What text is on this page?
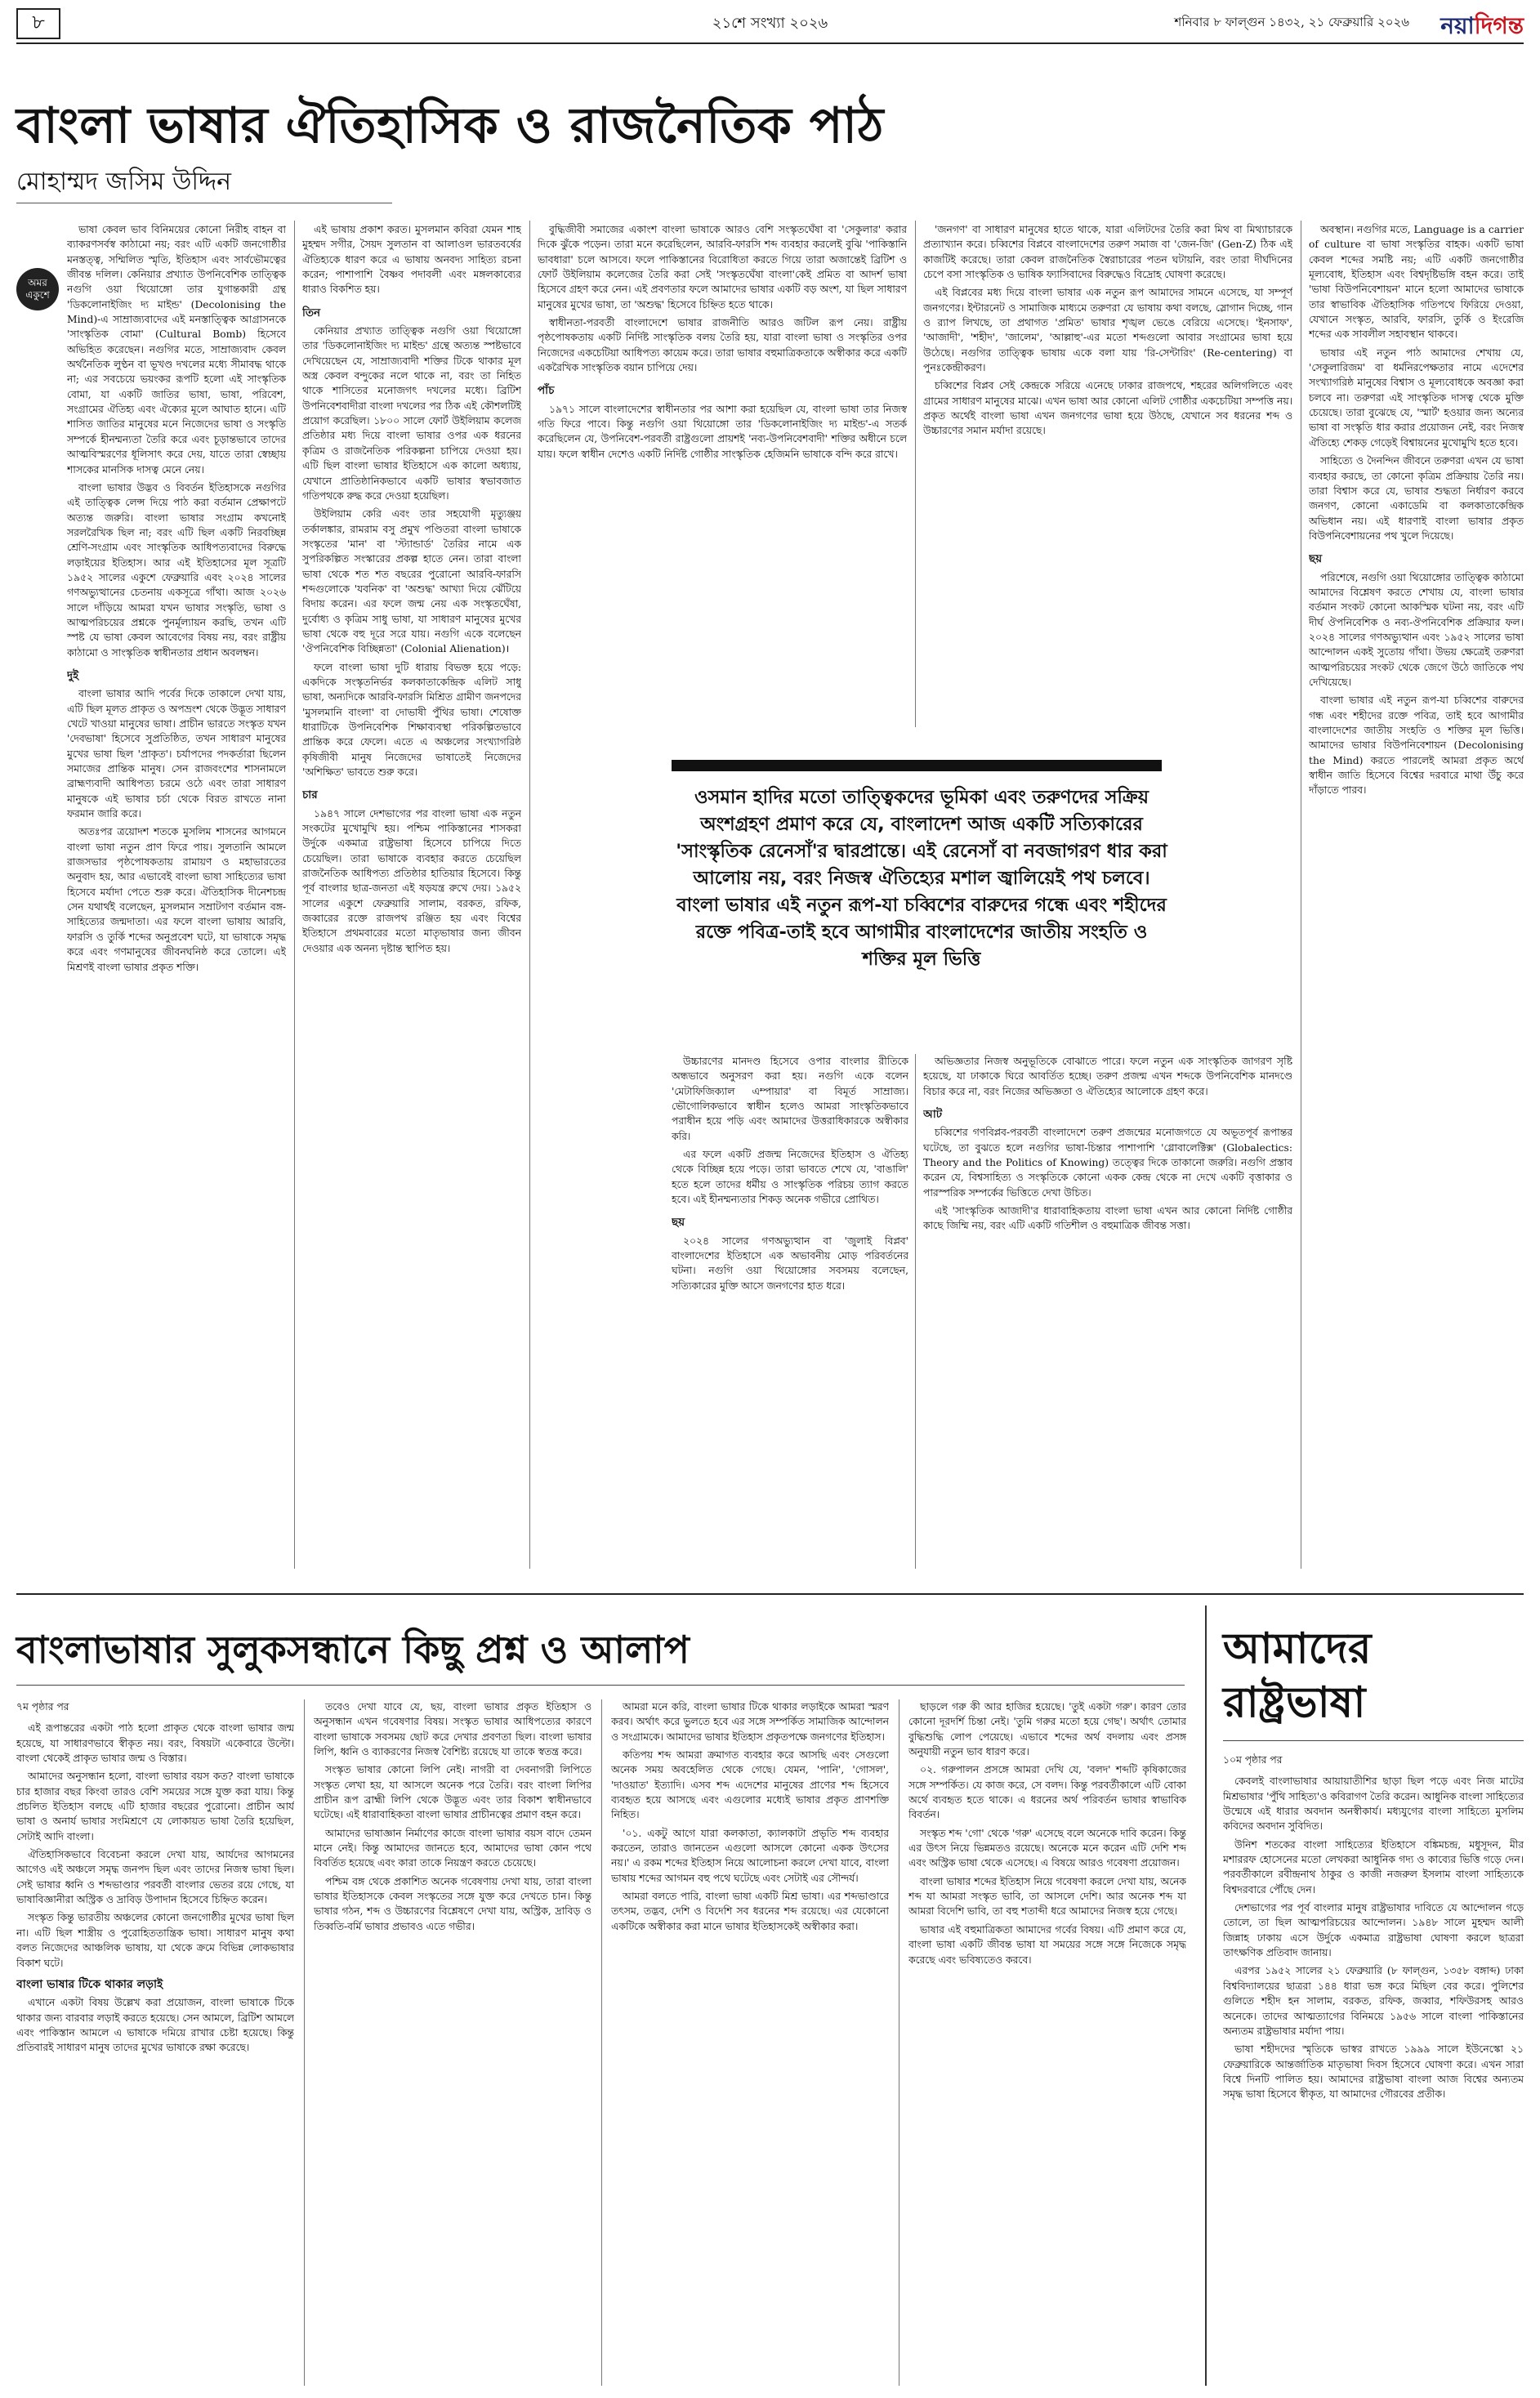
৮	২১শে সংখ্যা ২০২৬	শনিবার ৮ ফাল্গুন ১৪৩২, ২১ ফেব্রুয়ারি ২০২৬ নয়াদিগন্ত
বাংলা ভাষার ঐতিহাসিক ও রাজনৈতিক পাঠ
মোহাম্মদ জসিম উদ্দিন
অমর একুশে

ভাষা কেবল ভাব বিনিময়ের কোনো নিরীহ বাহন বা ব্যাকরণসর্বস্ব কাঠামো নয়; বরং এটি একটি জনগোষ্ঠীর মনস্তত্ত্ব, সম্মিলিত স্মৃতি, ইতিহাস এবং সার্বভৌমত্বের জীবন্ত দলিল। কেনিয়ার প্রখ্যাত উপনিবেশিক তাত্ত্বিক নগুগি ওয়া থিয়োঙ্গো তার যুগান্তকারী গ্রন্থ 'ডিকলোনাইজিং দ্য মাইন্ড' (Decolonising the Mind)-এ সাম্রাজ্যবাদের এই মনস্তাত্ত্বিক আগ্রাসনকে 'সাংস্কৃতিক বোমা' (Cultural Bomb) হিসেবে অভিহিত করেছেন। নগুগির মতে, সাম্রাজ্যবাদ কেবল অর্থনৈতিক লুণ্ঠন বা ভূখণ্ড দখলের মধ্যে সীমাবদ্ধ থাকে না; এর সবচেয়ে ভয়ংকর রূপটি হলো এই সাংস্কৃতিক বোমা, যা একটি জাতির ভাষা, ভাষা, পরিবেশ, সংগ্রামের ঐতিহ্য এবং ঐক্যের মূলে আঘাত হানে। এটি শাসিত জাতির মানুষের মনে নিজেদের ভাষা ও সংস্কৃতি সম্পর্কে হীনম্মন্যতা তৈরি করে এবং চূড়ান্তভাবে তাদের আত্মবিস্মরণের ধূলিসাৎ করে দেয়, যাতে তারা স্বেচ্ছায় শাসকের মানসিক দাসত্ব মেনে নেয়।

বাংলা ভাষার উদ্ভব ও বিবর্তন ইতিহাসকে নগুগির এই তাত্ত্বিক লেন্স দিয়ে পাঠ করা বর্তমান প্রেক্ষাপটে অত্যন্ত জরুরি। বাংলা ভাষার সংগ্রাম কখনোই সরলরৈখিক ছিল না; বরং এটি ছিল একটি নিরবচ্ছিন্ন শ্রেণি-সংগ্রাম এবং সাংস্কৃতিক আধিপত্যবাদের বিরুদ্ধে লড়াইয়ের ইতিহাস। আর এই ইতিহাসের মূল সূত্রটি ১৯৫২ সালের একুশে ফেব্রুয়ারি এবং ২০২৪ সালের গণঅভ্যুত্থানের চেতনায় একসূত্রে গাঁথা। আজ ২০২৬ সালে দাঁড়িয়ে আমরা যখন ভাষার সংস্কৃতি, ভাষা ও আত্মপরিচয়ের প্রশ্নকে পুনর্মূল্যায়ন করছি, তখন এটি স্পষ্ট যে ভাষা কেবল আবেগের বিষয় নয়, বরং রাষ্ট্রীয় কাঠামো ও সাংস্কৃতিক স্বাধীনতার প্রধান অবলম্বন।

দুই

বাংলা ভাষার আদি পর্বের দিকে তাকালে দেখা যায়, এটি ছিল মূলত প্রাকৃত ও অপভ্রংশ থেকে উদ্ভূত সাধারণ খেটে খাওয়া মানুষের ভাষা। প্রাচীন ভারতে সংস্কৃত যখন 'দেবভাষা' হিসেবে সুপ্রতিষ্ঠিত, তখন সাধারণ মানুষের মুখের ভাষা ছিল 'প্রাকৃত'। চর্যাপদের পদকর্তারা ছিলেন সমাজের প্রান্তিক মানুষ। সেন রাজবংশের শাসনামলে ব্রাহ্মণ্যবাদী আধিপত্য চরমে ওঠে এবং তারা সাধারণ মানুষকে এই ভাষার চর্চা থেকে বিরত রাখতে নানা ফরমান জারি করে।

অতঃপর ত্রয়োদশ শতকে মুসলিম শাসনের আগমনে বাংলা ভাষা নতুন প্রাণ ফিরে পায়। সুলতানি আমলে রাজসভার পৃষ্ঠপোষকতায় রামায়ণ ও মহাভারতের অনুবাদ হয়, আর এভাবেই বাংলা ভাষা সাহিত্যের ভাষা হিসেবে মর্যাদা পেতে শুরু করে। ঐতিহাসিক দীনেশচন্দ্র সেন যথার্থই বলেছেন, মুসলমান সম্রাটগণ বর্তমান বঙ্গ-সাহিত্যের জন্মদাতা। এর ফলে বাংলা ভাষায় আরবি, ফারসি ও তুর্কি শব্দের অনুপ্রবেশ ঘটে, যা ভাষাকে সমৃদ্ধ করে এবং গণমানুষের জীবনঘনিষ্ঠ করে তোলে। এই মিশ্রণই বাংলা ভাষার প্রকৃত শক্তি।

এই ভাষায় প্রকাশ করত। মুসলমান কবিরা যেমন শাহ মুহম্মদ সগীর, সৈয়দ সুলতান বা আলাওল ভারতবর্ষের ঐতিহ্যকে ধারণ করে এ ভাষায় অনবদ্য সাহিত্য রচনা করেন; পাশাপাশি বৈষ্ণব পদাবলী এবং মঙ্গলকাব্যের ধারাও বিকশিত হয়।

তিন

কেনিয়ার প্রখ্যাত তাত্ত্বিক নগুগি ওয়া থিয়োঙ্গো তার 'ডিকলোনাইজিং দ্য মাইন্ড' গ্রন্থে অত্যন্ত স্পষ্টভাবে দেখিয়েছেন যে, সাম্রাজ্যবাদী শক্তির টিকে থাকার মূল অস্ত্র কেবল বন্দুকের নলে থাকে না, বরং তা নিহিত থাকে শাসিতের মনোজগৎ দখলের মধ্যে। ব্রিটিশ উপনিবেশবাদীরা বাংলা দখলের পর ঠিক এই কৌশলটিই প্রয়োগ করেছিল। ১৮০০ সালে ফোর্ট উইলিয়াম কলেজ প্রতিষ্ঠার মধ্য দিয়ে বাংলা ভাষার ওপর এক ধরনের কৃত্রিম ও রাজনৈতিক পরিকল্পনা চাপিয়ে দেওয়া হয়। এটি ছিল বাংলা ভাষার ইতিহাসে এক কালো অধ্যায়, যেখানে প্রাতিষ্ঠানিকভাবে একটি ভাষার স্বভাবজাত গতিপথকে রুদ্ধ করে দেওয়া হয়েছিল।

উইলিয়াম কেরি এবং তার সহযোগী মৃত্যুঞ্জয় তর্কালঙ্কার, রামরাম বসু প্রমুখ পণ্ডিতরা বাংলা ভাষাকে সংস্কৃতের 'মান' বা 'স্ট্যান্ডার্ড' তৈরির নামে এক সুপরিকল্পিত সংস্কারের প্রকল্প হাতে নেন। তারা বাংলা ভাষা থেকে শত শত বছরের পুরোনো আরবি-ফারসি শব্দগুলোকে 'যবনিক' বা 'অশুদ্ধ' আখ্যা দিয়ে ঝেঁটিয়ে বিদায় করেন। এর ফলে জন্ম নেয় এক সংস্কৃতঘেঁষা, দুর্বোধ্য ও কৃত্রিম সাধু ভাষা, যা সাধারণ মানুষের মুখের ভাষা থেকে বহু দূরে সরে যায়। নগুগি একে বলেছেন 'ঔপনিবেশিক বিচ্ছিন্নতা' (Colonial Alienation)।

ফলে বাংলা ভাষা দুটি ধারায় বিভক্ত হয়ে পড়ে: একদিকে সংস্কৃতনির্ভর কলকাতাকেন্দ্রিক এলিট সাধু ভাষা, অন্যদিকে আরবি-ফারসি মিশ্রিত গ্রামীণ জনপদের 'মুসলমানি বাংলা' বা দোভাষী পুঁথির ভাষা। শেষোক্ত ধারাটিকে উপনিবেশিক শিক্ষাব্যবস্থা পরিকল্পিতভাবে প্রান্তিক করে ফেলে। এতে এ অঞ্চলের সংখ্যাগরিষ্ঠ কৃষিজীবী মানুষ নিজেদের ভাষাতেই নিজেদের 'অশিক্ষিত' ভাবতে শুরু করে।

চার

১৯৪৭ সালে দেশভাগের পর বাংলা ভাষা এক নতুন সংকটের মুখোমুখি হয়। পশ্চিম পাকিস্তানের শাসকরা উর্দুকে একমাত্র রাষ্ট্রভাষা হিসেবে চাপিয়ে দিতে চেয়েছিল। তারা ভাষাকে ব্যবহার করতে চেয়েছিল রাজনৈতিক আধিপত্য প্রতিষ্ঠার হাতিয়ার হিসেবে। কিন্তু পূর্ব বাংলার ছাত্র-জনতা এই ষড়যন্ত্র রুখে দেয়। ১৯৫২ সালের একুশে ফেব্রুয়ারি সালাম, বরকত, রফিক, জব্বারের রক্তে রাজপথ রঞ্জিত হয় এবং বিশ্বের ইতিহাসে প্রথমবারের মতো মাতৃভাষার জন্য জীবন দেওয়ার এক অনন্য দৃষ্টান্ত স্থাপিত হয়।

বুদ্ধিজীবী সমাজের একাংশ বাংলা ভাষাকে আরও বেশি সংস্কৃতঘেঁষা বা 'সেকুলার' করার দিকে ঝুঁকে পড়েন। তারা মনে করেছিলেন, আরবি-ফারসি শব্দ ব্যবহার করলেই বুঝি 'পাকিস্তানি ভাবধারা' চলে আসবে। ফলে পাকিস্তানের বিরোধিতা করতে গিয়ে তারা অজান্তেই ব্রিটিশ ও ফোর্ট উইলিয়াম কলেজের তৈরি করা সেই 'সংস্কৃতঘেঁষা বাংলা'কেই প্রমিত বা আদর্শ ভাষা হিসেবে গ্রহণ করে নেন। এই প্রবণতার ফলে আমাদের ভাষার একটি বড় অংশ, যা ছিল সাধারণ মানুষের মুখের ভাষা, তা 'অশুদ্ধ' হিসেবে চিহ্নিত হতে থাকে।

স্বাধীনতা-পরবর্তী বাংলাদেশে ভাষার রাজনীতি আরও জটিল রূপ নেয়। রাষ্ট্রীয় পৃষ্ঠপোষকতায় একটি নির্দিষ্ট সাংস্কৃতিক বলয় তৈরি হয়, যারা বাংলা ভাষা ও সংস্কৃতির ওপর নিজেদের একচেটিয়া আধিপত্য কায়েম করে। তারা ভাষার বহুমাত্রিকতাকে অস্বীকার করে একটি একরৈখিক সাংস্কৃতিক বয়ান চাপিয়ে দেয়।

পাঁচ

১৯৭১ সালে বাংলাদেশের স্বাধীনতার পর আশা করা হয়েছিল যে, বাংলা ভাষা তার নিজস্ব গতি ফিরে পাবে। কিন্তু নগুগি ওয়া থিয়োঙ্গো তার 'ডিকলোনাইজিং দ্য মাইন্ড'-এ সতর্ক করেছিলেন যে, উপনিবেশ-পরবর্তী রাষ্ট্রগুলো প্রায়শই 'নব্য-উপনিবেশবাদী' শক্তির অধীনে চলে যায়। ফলে স্বাধীন দেশেও একটি নির্দিষ্ট গোষ্ঠীর সাংস্কৃতিক হেজিমনি ভাষাকে বন্দি করে রাখে।

'জনগণ' বা সাধারণ মানুষের হাতে থাকে, যারা এলিটদের তৈরি করা মিথ বা মিথ্যাচারকে প্রত্যাখ্যান করে। চব্বিশের বিপ্লবে বাংলাদেশের তরুণ সমাজ বা 'জেন-জি' (Gen-Z) ঠিক এই কাজটিই করেছে। তারা কেবল রাজনৈতিক স্বৈরাচারের পতন ঘটায়নি, বরং তারা দীর্ঘদিনের চেপে বসা সাংস্কৃতিক ও ভাষিক ফ্যাসিবাদের বিরুদ্ধেও বিদ্রোহ ঘোষণা করেছে।

এই বিপ্লবের মধ্য দিয়ে বাংলা ভাষার এক নতুন রূপ আমাদের সামনে এসেছে, যা সম্পূর্ণ জনগণের। ইন্টারনেট ও সামাজিক মাধ্যমে তরুণরা যে ভাষায় কথা বলছে, স্লোগান দিচ্ছে, গান ও র‍্যাপ লিখছে, তা প্রথাগত 'প্রমিত' ভাষার শৃঙ্খল ভেঙে বেরিয়ে এসেছে। 'ইনসাফ', 'আজাদী', 'শহীদ', 'জালেম', 'আল্লাহু'-এর মতো শব্দগুলো আবার সংগ্রামের ভাষা হয়ে উঠেছে। নগুগির তাত্ত্বিক ভাষায় একে বলা যায় 'রি-সেন্টারিং' (Re-centering) বা পুনঃকেন্দ্রীকরণ।

চব্বিশের বিপ্লব সেই কেন্দ্রকে সরিয়ে এনেছে ঢাকার রাজপথে, শহরের অলিগলিতে এবং গ্রামের সাধারণ মানুষের মাঝে। এখন ভাষা আর কোনো এলিট গোষ্ঠীর একচেটিয়া সম্পত্তি নয়। প্রকৃত অর্থেই বাংলা ভাষা এখন জনগণের ভাষা হয়ে উঠছে, যেখানে সব ধরনের শব্দ ও উচ্চারণের সমান মর্যাদা রয়েছে।

ওসমান হাদির মতো তাত্ত্বিকদের ভূমিকা এবং তরুণদের সক্রিয় অংশগ্রহণ প্রমাণ করে যে, বাংলাদেশ আজ একটি সত্যিকারের 'সাংস্কৃতিক রেনেসাঁ'র দ্বারপ্রান্তে। এই রেনেসাঁ বা নবজাগরণ ধার করা আলোয় নয়, বরং নিজস্ব ঐতিহ্যের মশাল জ্বালিয়েই পথ চলবে। বাংলা ভাষার এই নতুন রূপ-যা চব্বিশের বারুদের গন্ধে এবং শহীদের রক্তে পবিত্র-তাই হবে আগামীর বাংলাদেশের জাতীয় সংহতি ও শক্তির মূল ভিত্তি

উচ্চারণের মানদণ্ড হিসেবে ওপার বাংলার রীতিকে অন্ধভাবে অনুসরণ করা হয়। নগুগি একে বলেন 'মেটাফিজিক্যাল এম্পায়ার' বা বিমূর্ত সাম্রাজ্য। ভৌগোলিকভাবে স্বাধীন হলেও আমরা সাংস্কৃতিকভাবে পরাধীন হয়ে পড়ি এবং আমাদের উত্তরাধিকারকে অস্বীকার করি।

এর ফলে একটি প্রজন্ম নিজেদের ইতিহাস ও ঐতিহ্য থেকে বিচ্ছিন্ন হয়ে পড়ে। তারা ভাবতে শেখে যে, 'বাঙালি' হতে হলে তাদের ধর্মীয় ও সাংস্কৃতিক পরিচয় ত্যাগ করতে হবে। এই হীনম্মন্যতার শিকড় অনেক গভীরে প্রোথিত।

ছয়

২০২৪ সালের গণঅভ্যুত্থান বা 'জুলাই বিপ্লব' বাংলাদেশের ইতিহাসে এক অভাবনীয় মোড় পরিবর্তনের ঘটনা। নগুগি ওয়া থিয়োঙ্গোর সবসময় বলেছেন, সত্যিকারের মুক্তি আসে জনগণের হাত ধরে।

অভিজ্ঞতার নিজস্ব অনুভূতিকে বোঝাতে পারে। ফলে নতুন এক সাংস্কৃতিক জাগরণ সৃষ্টি হয়েছে, যা ঢাকাকে ঘিরে আবর্তিত হচ্ছে। তরুণ প্রজন্ম এখন শব্দকে উপনিবেশিক মানদণ্ডে বিচার করে না, বরং নিজের অভিজ্ঞতা ও ঐতিহ্যের আলোকে গ্রহণ করে।

আট

চব্বিশের গণবিপ্লব-পরবর্তী বাংলাদেশে তরুণ প্রজন্মের মনোজগতে যে অভূতপূর্ব রূপান্তর ঘটেছে, তা বুঝতে হলে নগুগির ভাষা-চিন্তার পাশাপাশি 'গ্লোবালেক্টিক্স' (Globalectics: Theory and the Politics of Knowing) তত্ত্বের দিকে তাকানো জরুরি। নগুগি প্রস্তাব করেন যে, বিশ্বসাহিত্য ও সংস্কৃতিকে কোনো একক কেন্দ্র থেকে না দেখে একটি বৃত্তাকার ও পারস্পরিক সম্পর্কের ভিত্তিতে দেখা উচিত।

এই 'সাংস্কৃতিক আজাদী'র ধারাবাহিকতায় বাংলা ভাষা এখন আর কোনো নির্দিষ্ট গোষ্ঠীর কাছে জিম্মি নয়, বরং এটি একটি গতিশীল ও বহুমাত্রিক জীবন্ত সত্তা।

অবস্থান। নগুগির মতে, Language is a carrier of culture বা ভাষা সংস্কৃতির বাহক। একটি ভাষা কেবল শব্দের সমষ্টি নয়; এটি একটি জনগোষ্ঠীর মূল্যবোধ, ইতিহাস এবং বিশ্বদৃষ্টিভঙ্গি বহন করে। তাই 'ভাষা বিউপনিবেশায়ন' মানে হলো আমাদের ভাষাকে তার স্বাভাবিক ঐতিহাসিক গতিপথে ফিরিয়ে দেওয়া, যেখানে সংস্কৃত, আরবি, ফারসি, তুর্কি ও ইংরেজি শব্দের এক সাবলীল সহাবস্থান থাকবে।

ভাষার এই নতুন পাঠ আমাদের শেখায় যে, 'সেকুলারিজম' বা ধর্মনিরপেক্ষতার নামে এদেশের সংখ্যাগরিষ্ঠ মানুষের বিশ্বাস ও মূল্যবোধকে অবজ্ঞা করা চলবে না। তরুণরা এই সাংস্কৃতিক দাসত্ব থেকে মুক্তি চেয়েছে। তারা বুঝেছে যে, 'স্মার্ট' হওয়ার জন্য অন্যের ভাষা বা সংস্কৃতি ধার করার প্রয়োজন নেই, বরং নিজস্ব ঐতিহ্যে শেকড় গেড়েই বিশ্বায়নের মুখোমুখি হতে হবে।

সাহিত্যে ও দৈনন্দিন জীবনে তরুণরা এখন যে ভাষা ব্যবহার করছে, তা কোনো কৃত্রিম প্রক্রিয়ায় তৈরি নয়। তারা বিশ্বাস করে যে, ভাষার শুদ্ধতা নির্ধারণ করবে জনগণ, কোনো একাডেমি বা কলকাতাকেন্দ্রিক অভিধান নয়। এই ধারণাই বাংলা ভাষার প্রকৃত বিউপনিবেশায়নের পথ খুলে দিয়েছে।

ছয়

পরিশেষে, নগুগি ওয়া থিয়োঙ্গোর তাত্ত্বিক কাঠামো আমাদের বিশ্লেষণ করতে শেখায় যে, বাংলা ভাষার বর্তমান সংকট কোনো আকস্মিক ঘটনা নয়, বরং এটি দীর্ঘ ঔপনিবেশিক ও নব্য-ঔপনিবেশিক প্রক্রিয়ার ফল। ২০২৪ সালের গণঅভ্যুত্থান এবং ১৯৫২ সালের ভাষা আন্দোলন একই সুতোয় গাঁথা। উভয় ক্ষেত্রেই তরুণরা আত্মপরিচয়ের সংকট থেকে জেগে উঠে জাতিকে পথ দেখিয়েছে।

বাংলা ভাষার এই নতুন রূপ-যা চব্বিশের বারুদের গন্ধ এবং শহীদের রক্তে পবিত্র, তাই হবে আগামীর বাংলাদেশের জাতীয় সংহতি ও শক্তির মূল ভিত্তি। আমাদের ভাষার বিউপনিবেশায়ন (Decolonising the Mind) করতে পারলেই আমরা প্রকৃত অর্থে স্বাধীন জাতি হিসেবে বিশ্বের দরবারে মাথা উঁচু করে দাঁড়াতে পারব।

বাংলাভাষার সুলুকসন্ধানে কিছু প্রশ্ন ও আলাপ
৭ম পৃষ্ঠার পর

এই রূপান্তরের একটা পাঠ হলো প্রাকৃত থেকে বাংলা ভাষার জন্ম হয়েছে, যা সাধারণভাবে স্বীকৃত নয়। বরং, বিষয়টা একেবারে উল্টো। বাংলা থেকেই প্রাকৃত ভাষার জন্ম ও বিস্তার।

আমাদের অনুসন্ধান হলো, বাংলা ভাষার বয়স কত? বাংলা ভাষাকে চার হাজার বছর কিংবা তারও বেশি সময়ের সঙ্গে যুক্ত করা যায়। কিন্তু প্রচলিত ইতিহাস বলছে এটি হাজার বছরের পুরোনো। প্রাচীন আর্য ভাষা ও অনার্য ভাষার সংমিশ্রণে যে লোকায়ত ভাষা তৈরি হয়েছিল, সেটাই আদি বাংলা।

ঐতিহাসিকভাবে বিবেচনা করলে দেখা যায়, আর্যদের আগমনের আগেও এই অঞ্চলে সমৃদ্ধ জনপদ ছিল এবং তাদের নিজস্ব ভাষা ছিল। সেই ভাষার ধ্বনি ও শব্দভাণ্ডার পরবর্তী বাংলার ভেতর রয়ে গেছে, যা ভাষাবিজ্ঞানীরা অস্ট্রিক ও দ্রাবিড় উপাদান হিসেবে চিহ্নিত করেন।

সংস্কৃত কিন্তু ভারতীয় অঞ্চলের কোনো জনগোষ্ঠীর মুখের ভাষা ছিল না। এটি ছিল শাস্ত্রীয় ও পুরোহিততান্ত্রিক ভাষা। সাধারণ মানুষ কথা বলত নিজেদের আঞ্চলিক ভাষায়, যা থেকে ক্রমে বিভিন্ন লোকভাষার বিকাশ ঘটে।

বাংলা ভাষার টিকে থাকার লড়াই

এখানে একটা বিষয় উল্লেখ করা প্রয়োজন, বাংলা ভাষাকে টিকে থাকার জন্য বারবার লড়াই করতে হয়েছে। সেন আমলে, ব্রিটিশ আমলে এবং পাকিস্তান আমলে এ ভাষাকে দমিয়ে রাখার চেষ্টা হয়েছে। কিন্তু প্রতিবারই সাধারণ মানুষ তাদের মুখের ভাষাকে রক্ষা করেছে।

তবেও দেখা যাবে যে, ছয়, বাংলা ভাষার প্রকৃত ইতিহাস ও অনুসন্ধান এখন গবেষণার বিষয়। সংস্কৃত ভাষার আধিপত্যের কারণে বাংলা ভাষাকে সবসময় ছোট করে দেখার প্রবণতা ছিল। বাংলা ভাষার লিপি, ধ্বনি ও ব্যাকরণের নিজস্ব বৈশিষ্ট্য রয়েছে যা তাকে স্বতন্ত্র করে।

সংস্কৃত ভাষার কোনো লিপি নেই। নাগরী বা দেবনাগরী লিপিতে সংস্কৃত লেখা হয়, যা আসলে অনেক পরে তৈরি। বরং বাংলা লিপির প্রাচীন রূপ ব্রাহ্মী লিপি থেকে উদ্ভূত এবং তার বিকাশ স্বাধীনভাবে ঘটেছে। এই ধারাবাহিকতা বাংলা ভাষার প্রাচীনত্বের প্রমাণ বহন করে।

আমাদের ভাষাজ্ঞান নির্মাণের কাজে বাংলা ভাষার বয়স বাদে তেমন মানে নেই। কিন্তু আমাদের জানতে হবে, আমাদের ভাষা কোন পথে বিবর্তিত হয়েছে এবং কারা তাকে নিয়ন্ত্রণ করতে চেয়েছে।

পশ্চিম বঙ্গ থেকে প্রকাশিত অনেক গবেষণায় দেখা যায়, তারা বাংলা ভাষার ইতিহাসকে কেবল সংস্কৃতের সঙ্গে যুক্ত করে দেখতে চান। কিন্তু ভাষার গঠন, শব্দ ও উচ্চারণের বিশ্লেষণে দেখা যায়, অস্ট্রিক, দ্রাবিড় ও তিব্বতি-বর্মি ভাষার প্রভাবও এতে গভীর।

আমরা মনে করি, বাংলা ভাষার টিকে থাকার লড়াইকে আমরা স্মরণ করব। অর্থাৎ করে ভুলতে হবে এর সঙ্গে সম্পর্কিত সামাজিক আন্দোলন ও সংগ্রামকে। আমাদের ভাষার ইতিহাস প্রকৃতপক্ষে জনগণের ইতিহাস।

কতিপয় শব্দ আমরা ক্রমাগত ব্যবহার করে আসছি এবং সেগুলো অনেক সময় অবহেলিত থেকে গেছে। যেমন, 'পানি', 'গোসল', 'দাওয়াত' ইত্যাদি। এসব শব্দ এদেশের মানুষের প্রাণের শব্দ হিসেবে ব্যবহৃত হয়ে আসছে এবং এগুলোর মধ্যেই ভাষার প্রকৃত প্রাণশক্তি নিহিত।

'০১. একটু আগে যারা কলকাতা, ক্যালকাটা প্রভৃতি শব্দ ব্যবহার করতেন, তারাও জানতেন এগুলো আসলে কোনো একক উৎসের নয়।' এ রকম শব্দের ইতিহাস নিয়ে আলোচনা করলে দেখা যাবে, বাংলা ভাষায় শব্দের আগমন বহু পথে ঘটেছে এবং সেটাই এর সৌন্দর্য।

আমরা বলতে পারি, বাংলা ভাষা একটি মিশ্র ভাষা। এর শব্দভাণ্ডারে তৎসম, তদ্ভব, দেশি ও বিদেশি সব ধরনের শব্দ রয়েছে। এর যেকোনো একটিকে অস্বীকার করা মানে ভাষার ইতিহাসকেই অস্বীকার করা।

ছাড়লে গরু কী আর হাজির হয়েছে। 'তুই একটা গরু'। কারণ তোর কোনো দূরদর্শি চিন্তা নেই। 'তুমি গরুর মতো হয়ে গেছ'। অর্থাৎ তোমার বুদ্ধিশুদ্ধি লোপ পেয়েছে। এভাবে শব্দের অর্থ বদলায় এবং প্রসঙ্গ অনুযায়ী নতুন ভাব ধারণ করে।

০২. গরুপালন প্রসঙ্গে আমরা দেখি যে, 'বলদ' শব্দটি কৃষিকাজের সঙ্গে সম্পর্কিত। যে কাজ করে, সে বলদ। কিন্তু পরবর্তীকালে এটি বোকা অর্থে ব্যবহৃত হতে থাকে। এ ধরনের অর্থ পরিবর্তন ভাষার স্বাভাবিক বিবর্তন।

সংস্কৃত শব্দ 'গো' থেকে 'গরু' এসেছে বলে অনেকে দাবি করেন। কিন্তু এর উৎস নিয়ে ভিন্নমতও রয়েছে। অনেকে মনে করেন এটি দেশি শব্দ এবং অস্ট্রিক ভাষা থেকে এসেছে। এ বিষয়ে আরও গবেষণা প্রয়োজন।

বাংলা ভাষার শব্দের ইতিহাস নিয়ে গবেষণা করলে দেখা যায়, অনেক শব্দ যা আমরা সংস্কৃত ভাবি, তা আসলে দেশি। আর অনেক শব্দ যা আমরা বিদেশি ভাবি, তা বহু শতাব্দী ধরে আমাদের নিজস্ব হয়ে গেছে।

ভাষার এই বহুমাত্রিকতা আমাদের গর্বের বিষয়। এটি প্রমাণ করে যে, বাংলা ভাষা একটি জীবন্ত ভাষা যা সময়ের সঙ্গে সঙ্গে নিজেকে সমৃদ্ধ করেছে এবং ভবিষ্যতেও করবে।

আমাদের রাষ্ট্রভাষা
১০ম পৃষ্ঠার পর

কেবলই বাংলাভাষার আয়ায়াতীশির ছাড়া ছিল পড়ে এবং নিজ মাটের মিশ্রভাষার 'পুঁথি সাহিত্য'ও কবিরাগণ তৈরি করেন। আধুনিক বাংলা সাহিত্যের উন্মেষে এই ধারার অবদান অনস্বীকার্য। মধ্যযুগের বাংলা সাহিত্যে মুসলিম কবিদের অবদান সুবিদিত।

উনিশ শতকের বাংলা সাহিত্যের ইতিহাসে বঙ্কিমচন্দ্র, মধুসূদন, মীর মশাররফ হোসেনের মতো লেখকরা আধুনিক গদ্য ও কাব্যের ভিত্তি গড়ে দেন। পরবর্তীকালে রবীন্দ্রনাথ ঠাকুর ও কাজী নজরুল ইসলাম বাংলা সাহিত্যকে বিশ্বদরবারে পৌঁছে দেন।

দেশভাগের পর পূর্ব বাংলার মানুষ রাষ্ট্রভাষার দাবিতে যে আন্দোলন গড়ে তোলে, তা ছিল আত্মপরিচয়ের আন্দোলন। ১৯৪৮ সালে মুহম্মদ আলী জিন্নাহ ঢাকায় এসে উর্দুকে একমাত্র রাষ্ট্রভাষা ঘোষণা করলে ছাত্ররা তাৎক্ষণিক প্রতিবাদ জানায়।

এরপর ১৯৫২ সালের ২১ ফেব্রুয়ারি (৮ ফাল্গুন, ১৩৫৮ বঙ্গাব্দ) ঢাকা বিশ্ববিদ্যালয়ের ছাত্ররা ১৪৪ ধারা ভঙ্গ করে মিছিল বের করে। পুলিশের গুলিতে শহীদ হন সালাম, বরকত, রফিক, জব্বার, শফিউরসহ আরও অনেকে। তাদের আত্মত্যাগের বিনিময়ে ১৯৫৬ সালে বাংলা পাকিস্তানের অন্যতম রাষ্ট্রভাষার মর্যাদা পায়।

ভাষা শহীদদের স্মৃতিকে ভাস্বর রাখতে ১৯৯৯ সালে ইউনেস্কো ২১ ফেব্রুয়ারিকে আন্তর্জাতিক মাতৃভাষা দিবস হিসেবে ঘোষণা করে। এখন সারা বিশ্বে দিনটি পালিত হয়। আমাদের রাষ্ট্রভাষা বাংলা আজ বিশ্বের অন্যতম সমৃদ্ধ ভাষা হিসেবে স্বীকৃত, যা আমাদের গৌরবের প্রতীক।
